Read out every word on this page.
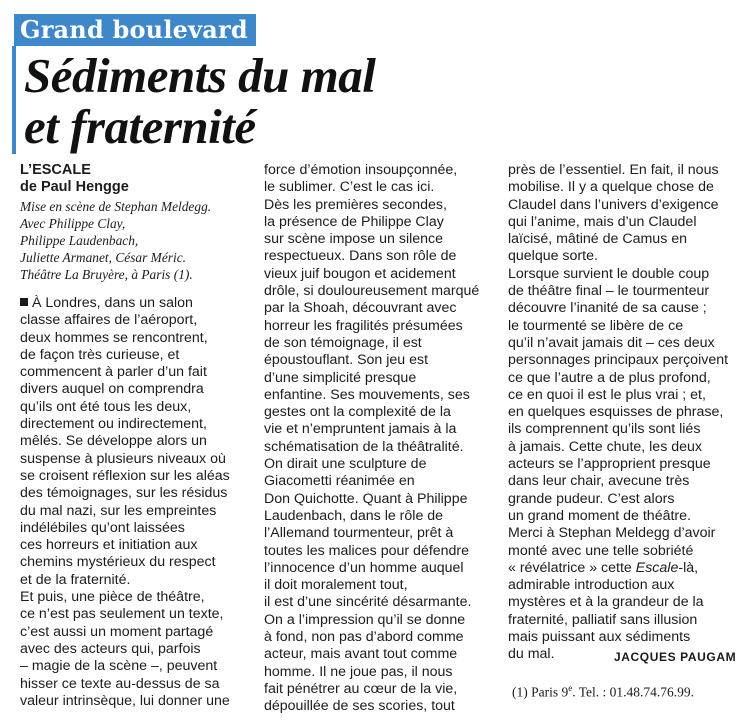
Grand boulevard
Sédiments du mal
et fraternité
L’ESCALE
de Paul Hengge
Mise en scène de Stephan Meldegg.
Avec Philippe Clay,
Philippe Laudenbach,
Juliette Armanet, César Méric.
Théâtre La Bruyère, à Paris (1).
À Londres, dans un salon
classe affaires de l’aéroport,
deux hommes se rencontrent,
de façon très curieuse, et
commencent à parler d’un fait
divers auquel on comprendra
qu’ils ont été tous les deux,
directement ou indirectement,
mêlés. Se développe alors un
suspense à plusieurs niveaux où
se croisent réflexion sur les aléas
des témoignages, sur les résidus
du mal nazi, sur les empreintes
indélébiles qu’ont laissées
ces horreurs et initiation aux
chemins mystérieux du respect
et de la fraternité.
Et puis, une pièce de théâtre,
ce n’est pas seulement un texte,
c’est aussi un moment partagé
avec des acteurs qui, parfois
– magie de la scène –, peuvent
hisser ce texte au-dessus de sa
valeur intrinsèque, lui donner une
force d’émotion insoupçonnée,
le sublimer. C’est le cas ici.
Dès les premières secondes,
la présence de Philippe Clay
sur scène impose un silence
respectueux. Dans son rôle de
vieux juif bougon et acidement
drôle, si douloureusement marqué
par la Shoah, découvrant avec
horreur les fragilités présumées
de son témoignage, il est
époustouflant. Son jeu est
d’une simplicité presque
enfantine. Ses mouvements, ses
gestes ont la complexité de la
vie et n’empruntent jamais à la
schématisation de la théâtralité.
On dirait une sculpture de
Giacometti réanimée en
Don Quichotte. Quant à Philippe
Laudenbach, dans le rôle de
l’Allemand tourmenteur, prêt à
toutes les malices pour défendre
l’innocence d’un homme auquel
il doit moralement tout,
il est d’une sincérité désarmante.
On a l’impression qu’il se donne
à fond, non pas d’abord comme
acteur, mais avant tout comme
homme. Il ne joue pas, il nous
fait pénétrer au cœur de la vie,
dépouillée de ses scories, tout
près de l’essentiel. En fait, il nous
mobilise. Il y a quelque chose de
Claudel dans l’univers d’exigence
qui l’anime, mais d’un Claudel
laïcisé, mâtiné de Camus en
quelque sorte.
Lorsque survient le double coup
de théâtre final – le tourmenteur
découvre l’inanité de sa cause ;
le tourmenté se libère de ce
qu’il n’avait jamais dit – ces deux
personnages principaux perçoivent
ce que l’autre a de plus profond,
ce en quoi il est le plus vrai ; et,
en quelques esquisses de phrase,
ils comprennent qu’ils sont liés
à jamais. Cette chute, les deux
acteurs se l’approprient presque
dans leur chair, avecune très
grande pudeur. C’est alors
un grand moment de théâtre.
Merci à Stephan Meldegg d’avoir
monté avec une telle sobriété
« révélatrice » cette Escale-là,
admirable introduction aux
mystères et à la grandeur de la
fraternité, palliatif sans illusion
mais puissant aux sédiments
du mal.	JACQUES PAUGAM
(1) Paris 9e. Tel. : 01.48.74.76.99.
